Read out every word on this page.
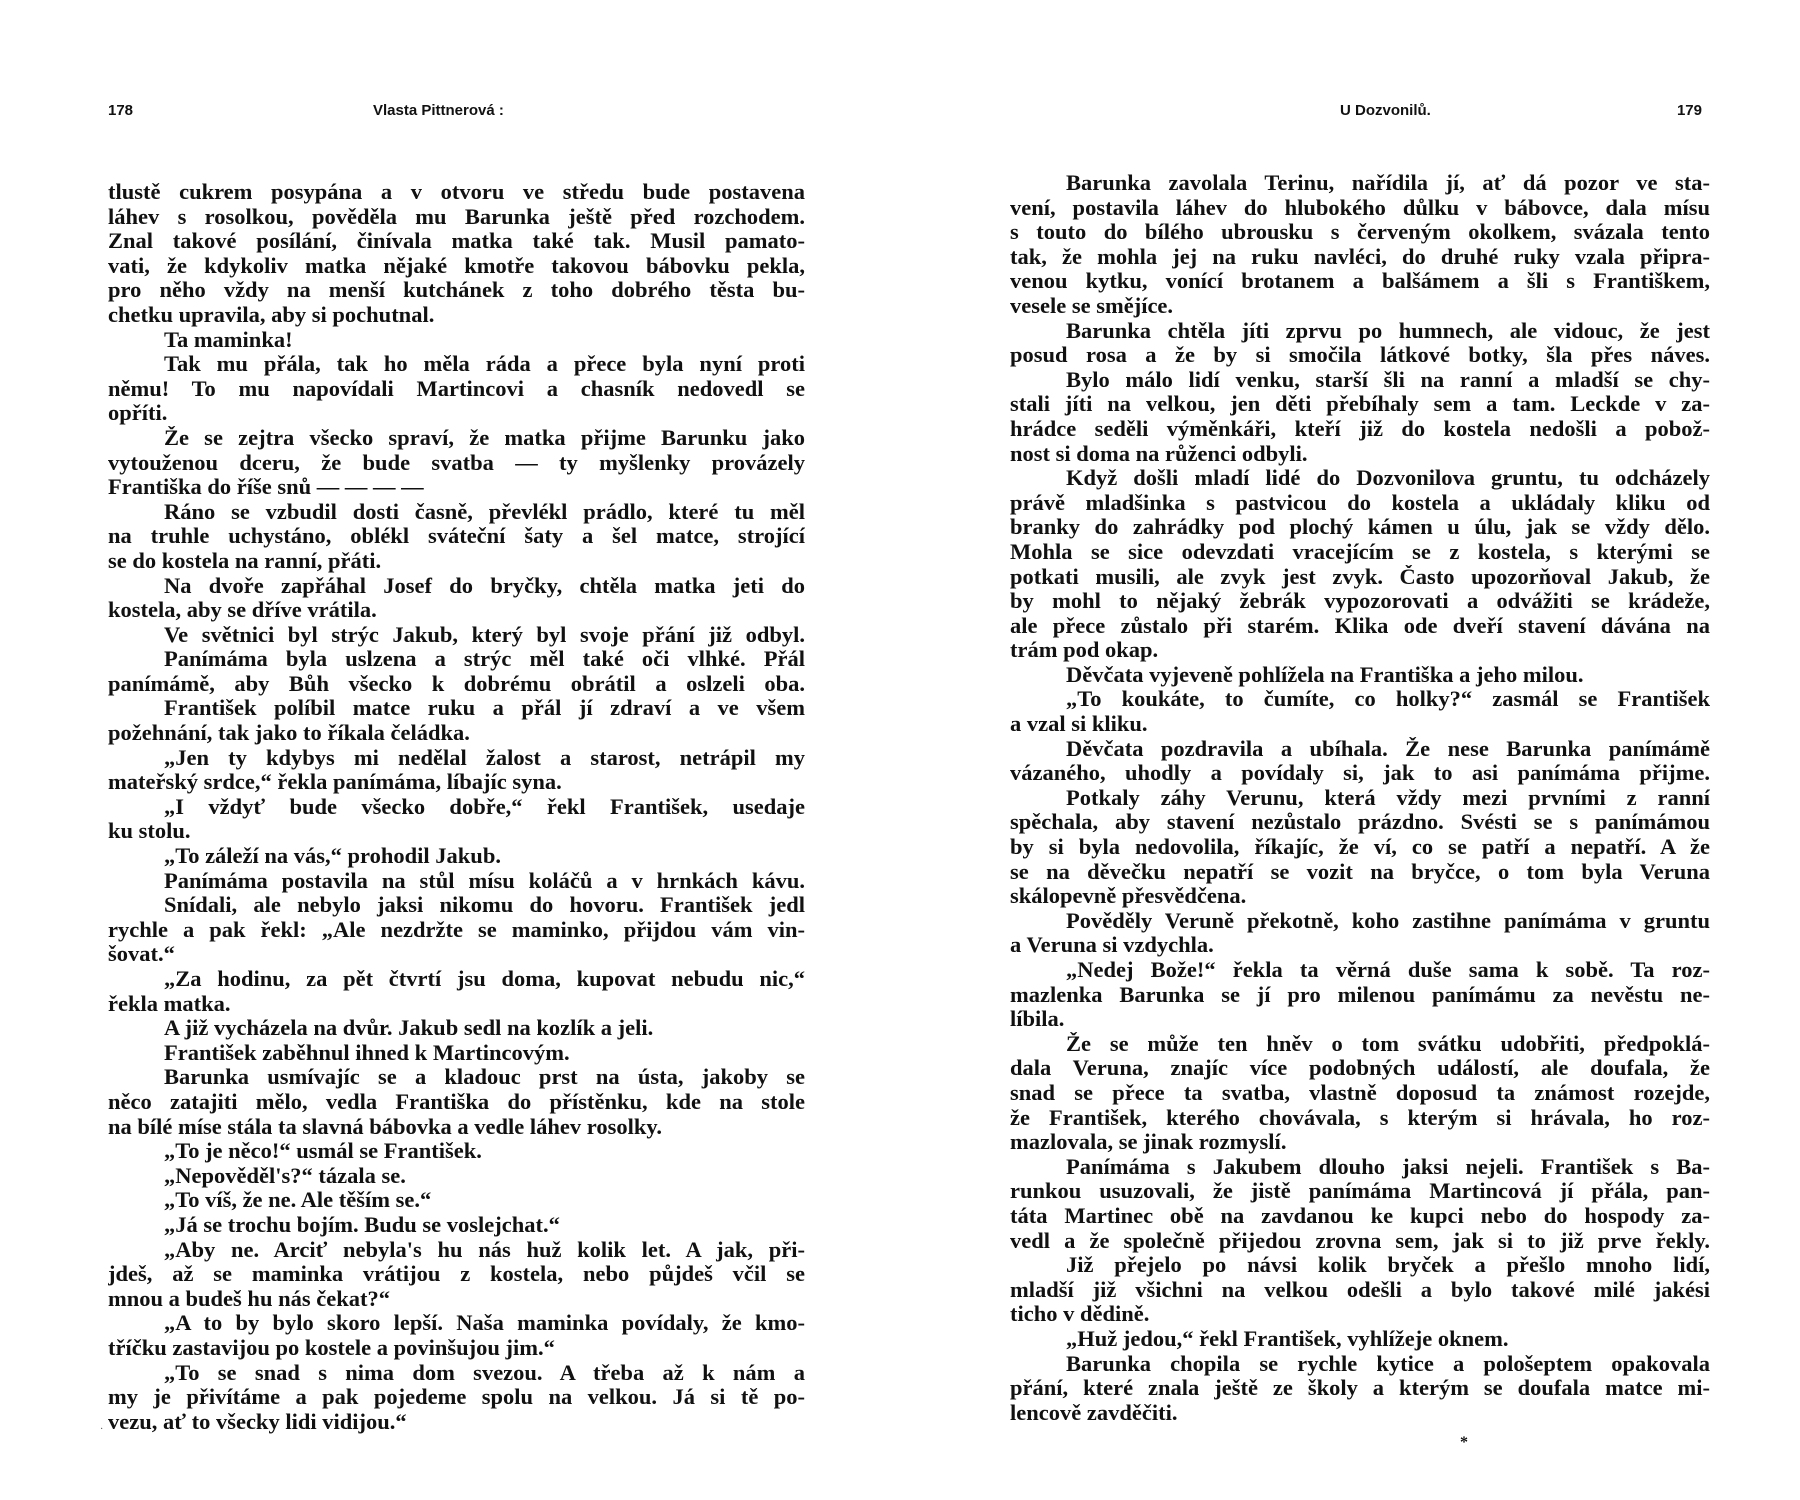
178	Vlasta Pittnerová :
tlustě cukrem posypána a v otvoru ve středu bude postavena
láhev s rosolkou, pověděla mu Barunka ještě před rozchodem.
Znal takové posílání, činívala matka také tak. Musil pamato-
vati, že kdykoliv matka nějaké kmotře takovou bábovku pekla,
pro něho vždy na menší kutchánek z toho dobrého těsta bu-
chetku upravila, aby si pochutnal.
Ta maminka!
Tak mu přála, tak ho měla ráda a přece byla nyní proti
němu! To mu napovídali Martincovi a chasník nedovedl se
opříti.
Že se zejtra všecko spraví, že matka přijme Barunku jako
vytouženou dceru, že bude svatba — ty myšlenky provázely
Františka do říše snů — — — —
Ráno se vzbudil dosti časně, převlékl prádlo, které tu měl
na truhle uchystáno, oblékl sváteční šaty a šel matce, strojící
se do kostela na ranní, přáti.
Na dvoře zapřáhal Josef do bryčky, chtěla matka jeti do
kostela, aby se dříve vrátila.
Ve světnici byl strýc Jakub, který byl svoje přání již odbyl.
Panímáma byla uslzena a strýc měl také oči vlhké. Přál
panímámě, aby Bůh všecko k dobrému obrátil a oslzeli oba.
František políbil matce ruku a přál jí zdraví a ve všem
požehnání, tak jako to říkala čeládka.
„Jen ty kdybys mi nedělal žalost a starost, netrápil my
mateřský srdce,“ řekla panímáma, líbajíc syna.
„I vždyť bude všecko dobře,“ řekl František, usedaje
ku stolu.
„To záleží na vás,“ prohodil Jakub.
Panímáma postavila na stůl mísu koláčů a v hrnkách kávu.
Snídali, ale nebylo jaksi nikomu do hovoru. František jedl
rychle a pak řekl: „Ale nezdržte se maminko, přijdou vám vin-
šovat.“
„Za hodinu, za pět čtvrtí jsu doma, kupovat nebudu nic,“
řekla matka.
A již vycházela na dvůr. Jakub sedl na kozlík a jeli.
František zaběhnul ihned k Martincovým.
Barunka usmívajíc se a kladouc prst na ústa, jakoby se
něco zatajiti mělo, vedla Františka do přístěnku, kde na stole
na bílé míse stála ta slavná bábovka a vedle láhev rosolky.
„To je něco!“ usmál se František.
„Nepověděl's?“ tázala se.
„To víš, že ne. Ale těším se.“
„Já se trochu bojím. Budu se voslejchat.“
„Aby ne. Arciť nebyla's hu nás huž kolik let. A jak, při-
jdeš, až se maminka vrátijou z kostela, nebo půjdeš včil se
mnou a budeš hu nás čekat?“
„A to by bylo skoro lepší. Naša maminka povídaly, že kmo-
tříčku zastavijou po kostele a povinšujou jim.“
„To se snad s nima dom svezou. A třeba až k nám a
my je přivítáme a pak pojedeme spolu na velkou. Já si tě po-
vezu, ať to všecky lidi vidijou.“
·
U Dozvonilů.	179
Barunka zavolala Terinu, nařídila jí, ať dá pozor ve sta-
vení, postavila láhev do hlubokého důlku v bábovce, dala mísu
s touto do bílého ubrousku s červeným okolkem, svázala tento
tak, že mohla jej na ruku navléci, do druhé ruky vzala připra-
venou kytku, vonící brotanem a balšámem a šli s Františkem,
vesele se smějíce.
Barunka chtěla jíti zprvu po humnech, ale vidouc, že jest
posud rosa a že by si smočila látkové botky, šla přes náves.
Bylo málo lidí venku, starší šli na ranní a mladší se chy-
stali jíti na velkou, jen děti přebíhaly sem a tam. Leckde v za-
hrádce seděli výměnkáři, kteří již do kostela nedošli a pobož-
nost si doma na růženci odbyli.
Když došli mladí lidé do Dozvonilova gruntu, tu odcházely
právě mladšinka s pastvicou do kostela a ukládaly kliku od
branky do zahrádky pod plochý kámen u úlu, jak se vždy dělo.
Mohla se sice odevzdati vracejícím se z kostela, s kterými se
potkati musili, ale zvyk jest zvyk. Často upozorňoval Jakub, že
by mohl to nějaký žebrák vypozorovati a odvážiti se krádeže,
ale přece zůstalo při starém. Klika ode dveří stavení dávána na
trám pod okap.
Děvčata vyjeveně pohlížela na Františka a jeho milou.
„To koukáte, to čumíte, co holky?“ zasmál se František
a vzal si kliku.
Děvčata pozdravila a ubíhala. Že nese Barunka panímámě
vázaného, uhodly a povídaly si, jak to asi panímáma přijme.
Potkaly záhy Verunu, která vždy mezi prvními z ranní
spěchala, aby stavení nezůstalo prázdno. Svésti se s panímámou
by si byla nedovolila, říkajíc, že ví, co se patří a nepatří. A že
se na děvečku nepatří se vozit na bryčce, o tom byla Veruna
skálopevně přesvědčena.
Pověděly Veruně překotně, koho zastihne panímáma v gruntu
a Veruna si vzdychla.
„Nedej Bože!“ řekla ta věrná duše sama k sobě. Ta roz-
mazlenka Barunka se jí pro milenou panímámu za nevěstu ne-
líbila.
Že se může ten hněv o tom svátku udobřiti, předpoklá-
dala Veruna, znajíc více podobných událostí, ale doufala, že
snad se přece ta svatba, vlastně doposud ta známost rozejde,
že František, kterého chovávala, s kterým si hrávala, ho roz-
mazlovala, se jinak rozmyslí.
Panímáma s Jakubem dlouho jaksi nejeli. František s Ba-
runkou usuzovali, že jistě panímáma Martincová jí přála, pan-
táta Martinec obě na zavdanou ke kupci nebo do hospody za-
vedl a že společně přijedou zrovna sem, jak si to již prve řekly.
Již přejelo po návsi kolik bryček a přešlo mnoho lidí,
mladší již všichni na velkou odešli a bylo takové milé jakési
ticho v dědině.
„Huž jedou,“ řekl František, vyhlížeje oknem.
Barunka chopila se rychle kytice a pološeptem opakovala
přání, které znala ještě ze školy a kterým se doufala matce mi-
lencově zavděčiti.
*
